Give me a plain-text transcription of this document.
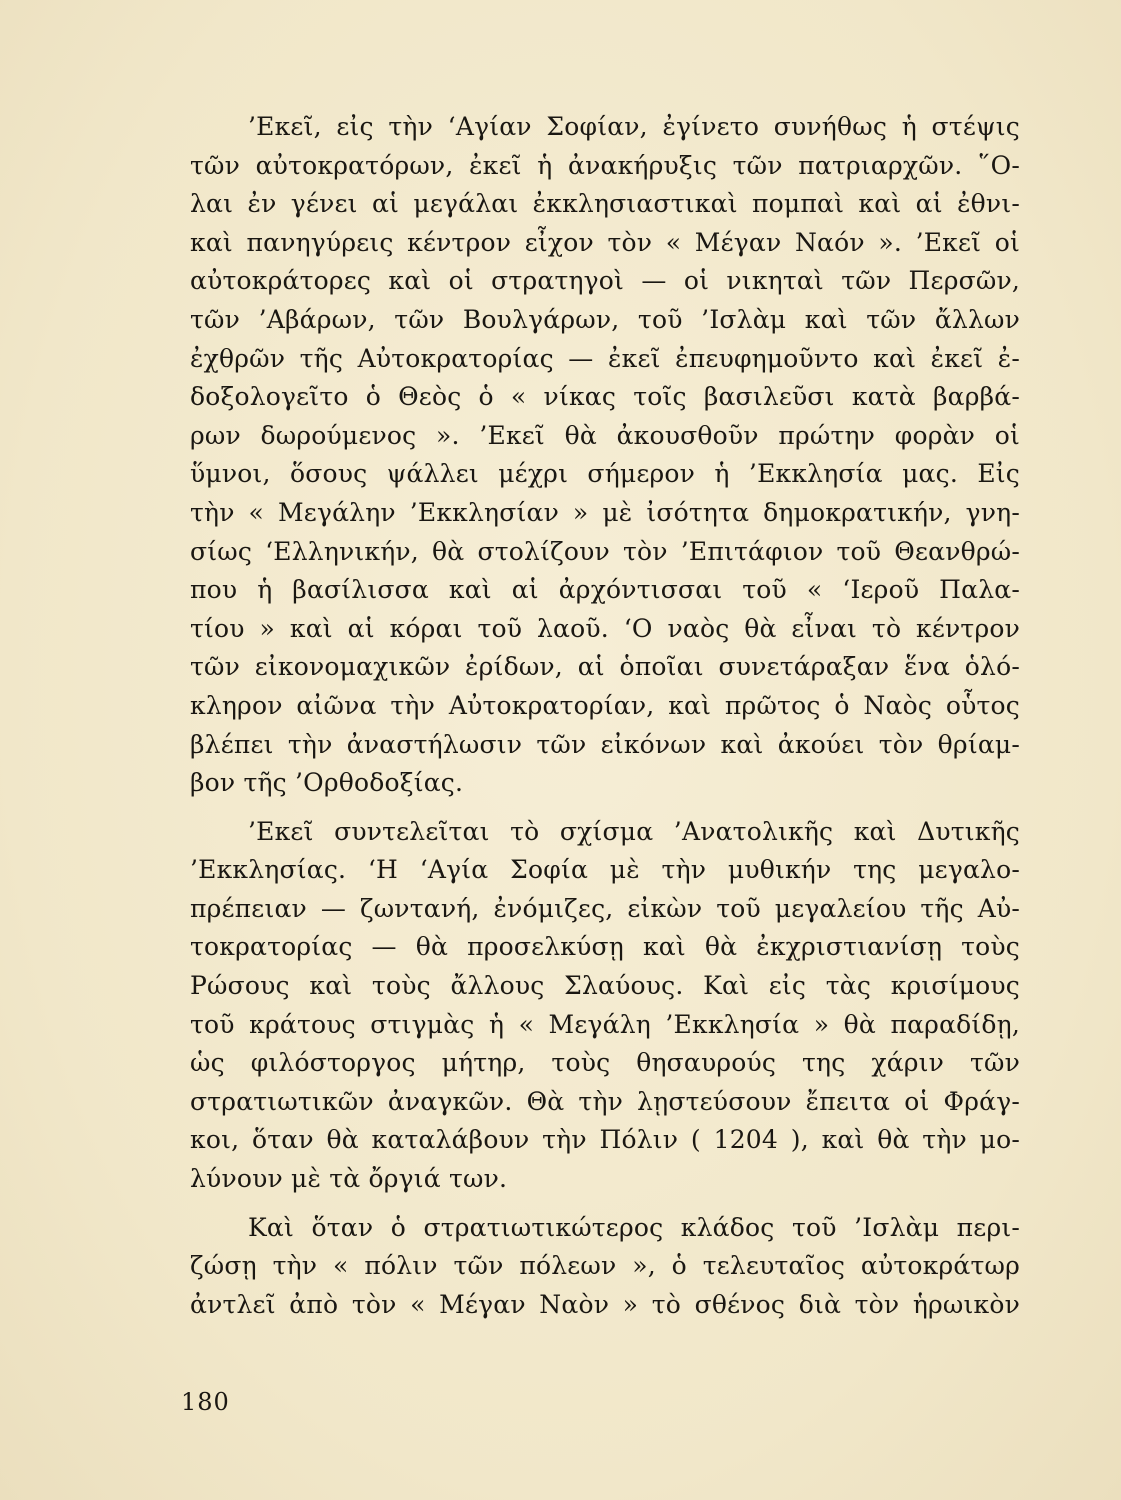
’Εκεῖ, εἰς τὴν ‘Αγίαν Σοφίαν, ἐγίνετο συνήθως ἡ στέψις
τῶν αὐτοκρατόρων, ἐκεῖ ἡ ἀνακήρυξις τῶν πατριαρχῶν. ῞Ο-
λαι ἐν γένει αἱ μεγάλαι ἐκκλησιαστικαὶ πομπαὶ καὶ αἱ ἐθνι-
καὶ πανηγύρεις κέντρον εἶχον τὸν « Μέγαν Ναόν ». ’Εκεῖ οἱ
αὐτοκράτορες καὶ οἱ στρατηγοὶ — οἱ νικηταὶ τῶν Περσῶν,
τῶν ’Αβάρων, τῶν Βουλγάρων, τοῦ ’Ισλὰμ καὶ τῶν ἄλλων
ἐχθρῶν τῆς Αὐτοκρατορίας — ἐκεῖ ἐπευφημοῦντο καὶ ἐκεῖ ἐ-
δοξολογεῖτο ὁ Θεὸς ὁ « νίκας τοῖς βασιλεῦσι κατὰ βαρβά-
ρων δωρούμενος ». ’Εκεῖ θὰ ἀκουσθοῦν πρώτην φορὰν οἱ
ὕμνοι, ὅσους ψάλλει μέχρι σήμερον ἡ ’Εκκλησία μας. Εἰς
τὴν « Μεγάλην ’Εκκλησίαν » μὲ ἰσότητα δημοκρατικήν, γνη-
σίως ‘Ελληνικήν, θὰ στολίζουν τὸν ’Επιτάφιον τοῦ Θεανθρώ-
που ἡ βασίλισσα καὶ αἱ ἀρχόντισσαι τοῦ « ‘Ιεροῦ Παλα-
τίου » καὶ αἱ κόραι τοῦ λαοῦ. ‘Ο ναὸς θὰ εἶναι τὸ κέντρον
τῶν εἰκονομαχικῶν ἐρίδων, αἱ ὁποῖαι συνετάραξαν ἕνα ὁλό-
κληρον αἰῶνα τὴν Αὐτοκρατορίαν, καὶ πρῶτος ὁ Ναὸς οὗτος
βλέπει τὴν ἀναστήλωσιν τῶν εἰκόνων καὶ ἀκούει τὸν θρίαμ-
βον τῆς ’Ορθοδοξίας.
’Εκεῖ συντελεῖται τὸ σχίσμα ’Ανατολικῆς καὶ Δυτικῆς
’Εκκλησίας. ‘Η ‘Αγία Σοφία μὲ τὴν μυθικήν της μεγαλο-
πρέπειαν — ζωντανή, ἐνόμιζες, εἰκὼν τοῦ μεγαλείου τῆς Αὐ-
τοκρατορίας — θὰ προσελκύσῃ καὶ θὰ ἐκχριστιανίσῃ τοὺς
Ρώσους καὶ τοὺς ἄλλους Σλαύους. Καὶ εἰς τὰς κρισίμους
τοῦ κράτους στιγμὰς ἡ « Μεγάλη ’Εκκλησία » θὰ παραδίδῃ,
ὡς φιλόστοργος μήτηρ, τοὺς θησαυρούς της χάριν τῶν
στρατιωτικῶν ἀναγκῶν. Θὰ τὴν λῃστεύσουν ἔπειτα οἱ Φράγ-
κοι, ὅταν θὰ καταλάβουν τὴν Πόλιν ( 1204 ), καὶ θὰ τὴν μο-
λύνουν μὲ τὰ ὄργιά των.
Καὶ ὅταν ὁ στρατιωτικώτερος κλάδος τοῦ ’Ισλὰμ περι-
ζώσῃ τὴν « πόλιν τῶν πόλεων », ὁ τελευταῖος αὐτοκράτωρ
ἀντλεῖ ἀπὸ τὸν « Μέγαν Ναὸν » τὸ σθένος διὰ τὸν ἡρωικὸν
180
